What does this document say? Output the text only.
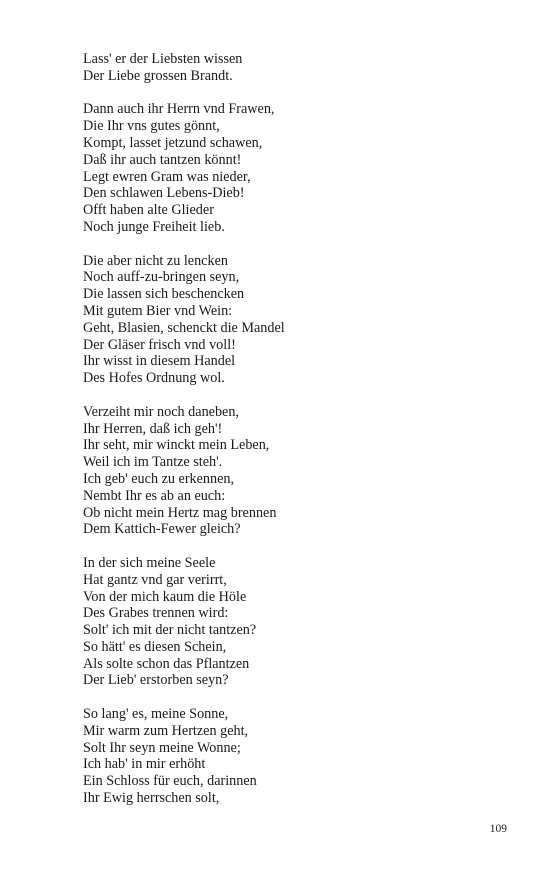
Lass' er der Liebsten wissen
Der Liebe grossen Brandt.
Dann auch ihr Herrn vnd Frawen,
Die Ihr vns gutes gönnt,
Kompt, lasset jetzund schawen,
Daß ihr auch tantzen könnt!
Legt ewren Gram was nieder,
Den schlawen Lebens-Dieb!
Offt haben alte Glieder
Noch junge Freiheit lieb.
Die aber nicht zu lencken
Noch auff-zu-bringen seyn,
Die lassen sich beschencken
Mit gutem Bier vnd Wein:
Geht, Blasien, schenckt die Mandel
Der Gläser frisch vnd voll!
Ihr wisst in diesem Handel
Des Hofes Ordnung wol.
Verzeiht mir noch daneben,
Ihr Herren, daß ich geh'!
Ihr seht, mir winckt mein Leben,
Weil ich im Tantze steh'.
Ich geb' euch zu erkennen,
Nembt Ihr es ab an euch:
Ob nicht mein Hertz mag brennen
Dem Kattich-Fewer gleich?
In der sich meine Seele
Hat gantz vnd gar verirrt,
Von der mich kaum die Höle
Des Grabes trennen wird:
Solt' ich mit der nicht tantzen?
So hätt' es diesen Schein,
Als solte schon das Pflantzen
Der Lieb' erstorben seyn?
So lang' es, meine Sonne,
Mir warm zum Hertzen geht,
Solt Ihr seyn meine Wonne;
Ich hab' in mir erhöht
Ein Schloss für euch, darinnen
Ihr Ewig herrschen solt,
109
